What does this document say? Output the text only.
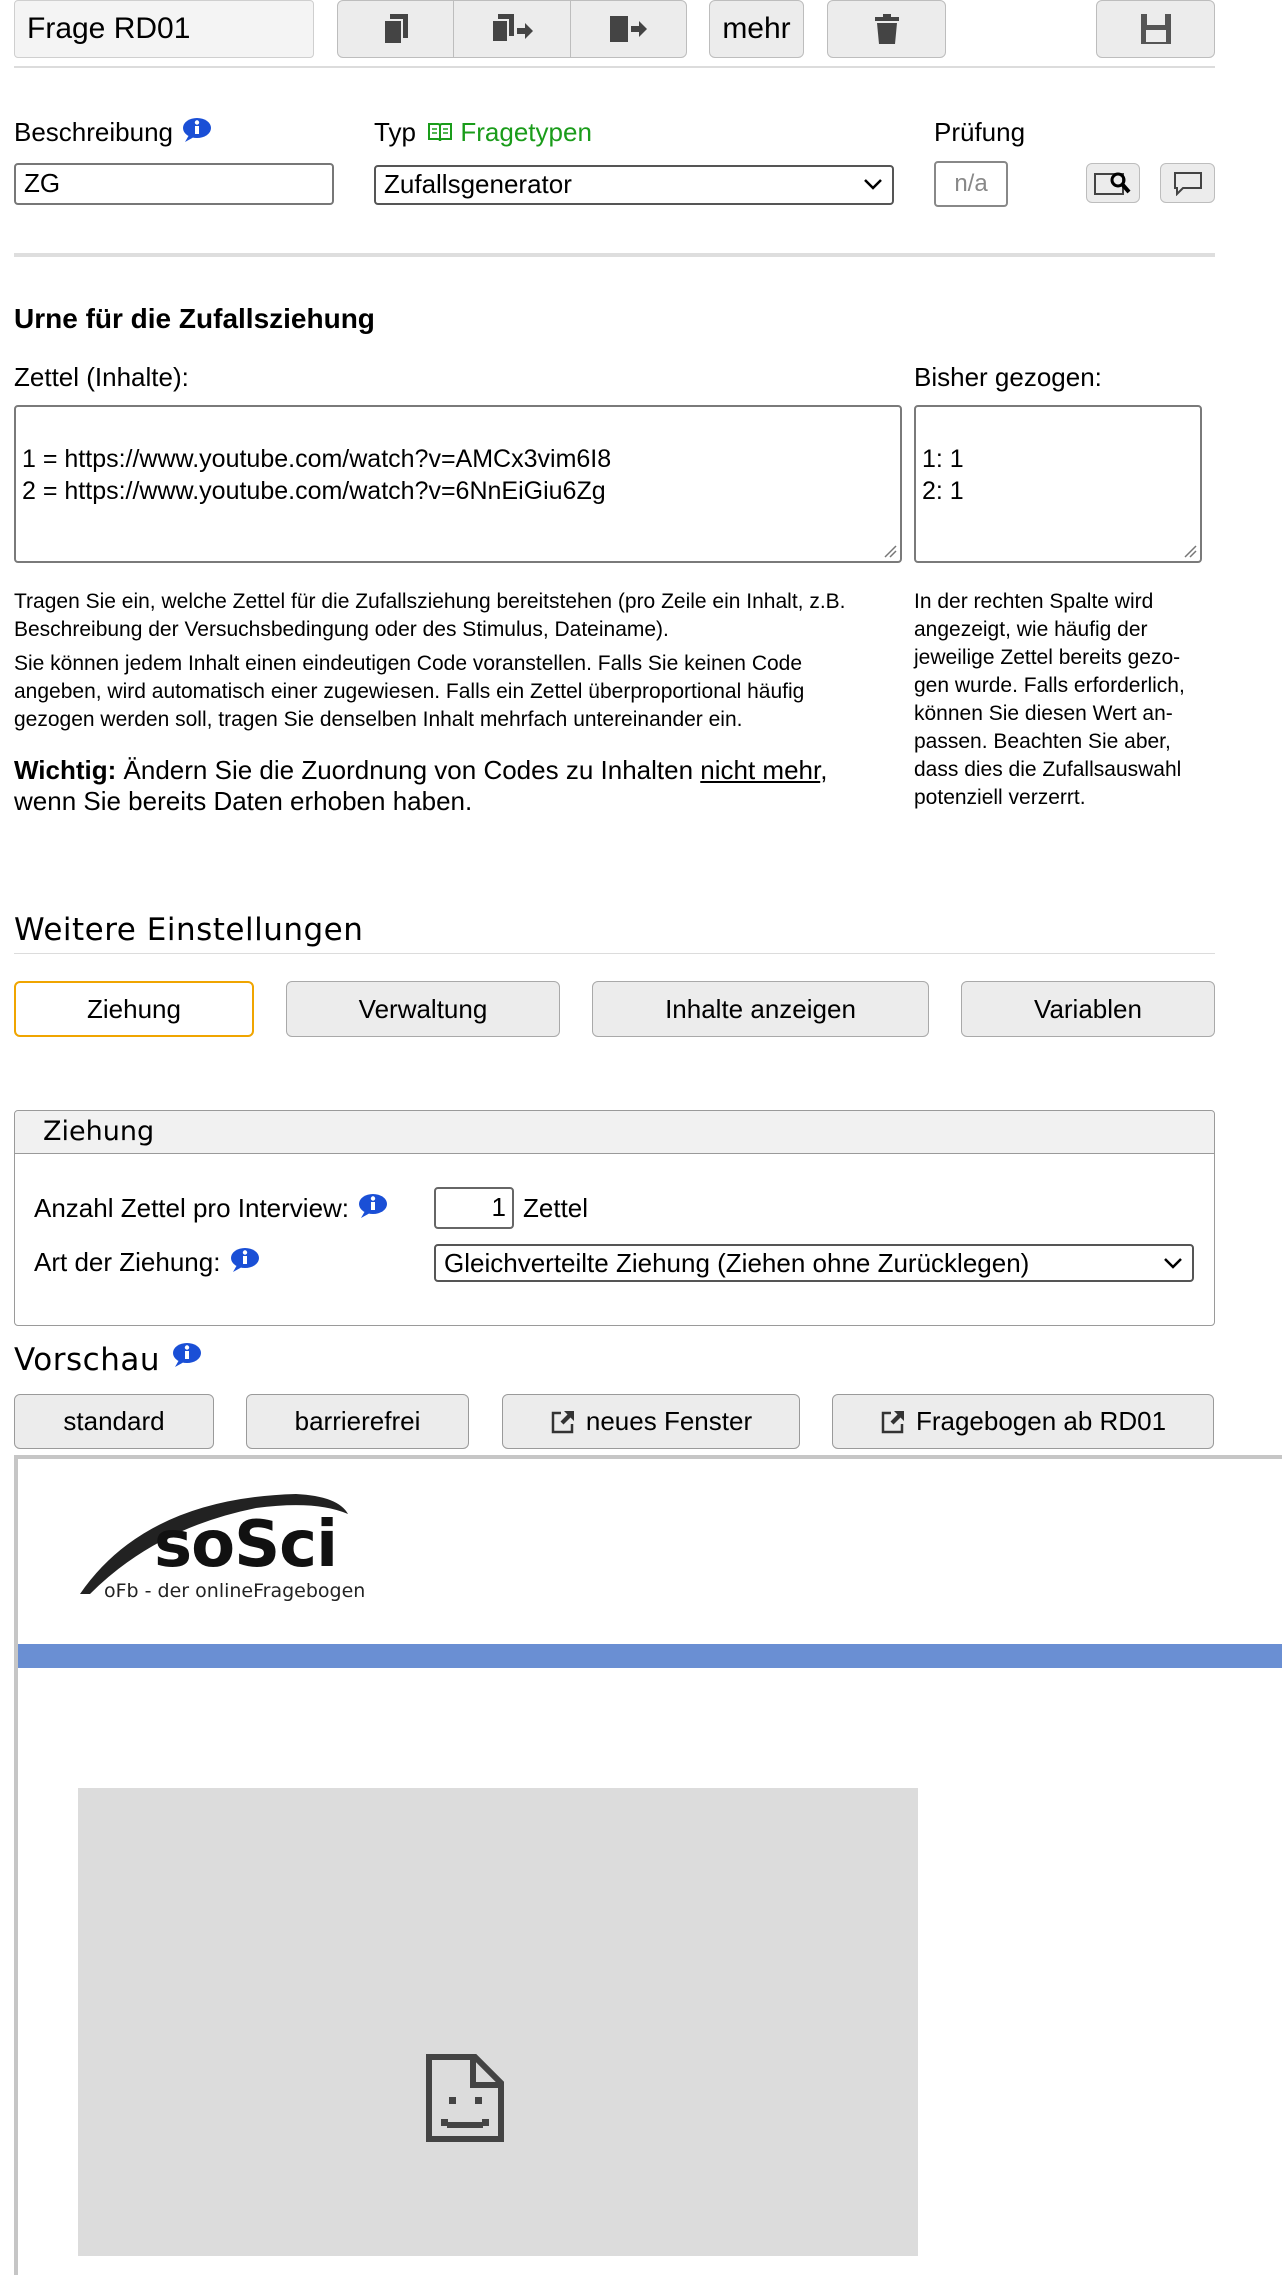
Frage RD01	mehr
Beschreibung
ZG
Typ Fragetypen
Zufallsgenerator
Prüfung
n/a
Urne für die Zufallsziehung
Zettel (Inhalte):

1 = https://www.youtube.com/watch?v=AMCx3vim6I8
2 = https://www.youtube.com/watch?v=6NnEiGiu6Zg

Bisher gezogen:

1: 1
2: 1

Tragen Sie ein, welche Zettel für die Zufallsziehung bereitstehen (pro Zeile ein Inhalt, z.B. Beschreibung der Versuchsbedingung oder des Stimulus, Dateiname).
Sie können jedem Inhalt einen eindeutigen Code voranstellen. Falls Sie keinen Code angeben, wird automatisch einer zugewiesen. Falls ein Zettel überproportional häufig gezogen werden soll, tragen Sie denselben Inhalt mehrfach untereinander ein.
Wichtig: Ändern Sie die Zuordnung von Codes zu Inhalten nicht mehr, wenn Sie bereits Daten erhoben haben.
In der rechten Spalte wird angezeigt, wie häufig der jeweilige Zettel bereits gezo-gen wurde. Falls erforderlich, können Sie diesen Wert an-passen. Beachten Sie aber, dass dies die Zufallsauswahl potenziell verzerrt.
Weitere Einstellungen
Ziehung	Verwaltung	Inhalte anzeigen	Variablen
Ziehung
Anzahl Zettel pro Interview:	1 Zettel
Art der Ziehung:	Gleichverteilte Ziehung (Ziehen ohne Zurücklegen)
Vorschau
standard	barrierefrei	neues Fenster	Fragebogen ab RD01
soSci
oFb - der onlineFragebogen
